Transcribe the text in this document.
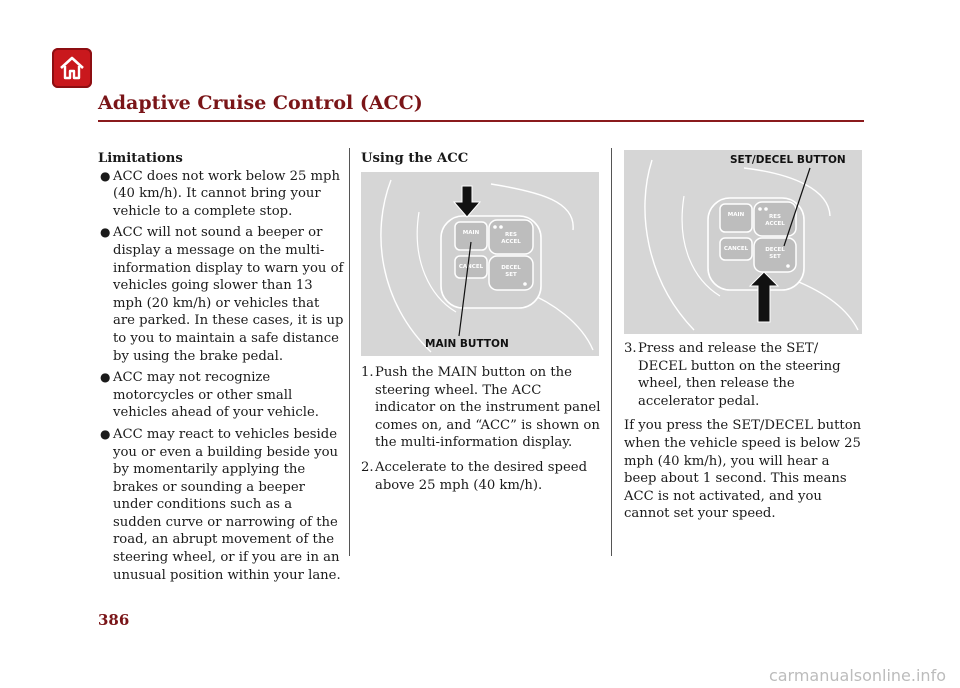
Adaptive Cruise Control (ACC)

Limitations

● ACC does not work below 25 mph (40 km/h). It cannot bring your vehicle to a complete stop.
● ACC will not sound a beeper or display a message on the multi-information display to warn you of vehicles going slower than 13 mph (20 km/h) or vehicles that are parked. In these cases, it is up to you to maintain a safe distance by using the brake pedal.
● ACC may not recognize motorcycles or other small vehicles ahead of your vehicle.
● ACC may react to vehicles beside you or even a building beside you by momentarily applying the brakes or sounding a beeper under conditions such as a sudden curve or narrowing of the road, an abrupt movement of the steering wheel, or if you are in an unusual position within your lane.

Using the ACC

MAIN
CANCEL
RES
ACCEL
DECEL
SET
MAIN BUTTON
1. Push the MAIN button on the steering wheel. The ACC indicator on the instrument panel comes on, and “ACC” is shown on the multi-information display.
2. Accelerate to the desired speed above 25 mph (40 km/h).
MAIN
CANCEL
RES
ACCEL
DECEL
SET
SET/DECEL BUTTON
3. Press and release the SET/ DECEL button on the steering wheel, then release the accelerator pedal.

If you press the SET/DECEL button when the vehicle speed is below 25 mph (40 km/h), you will hear a beep about 1 second. This means ACC is not activated, and you cannot set your speed.

386
carmanualsonline.info
